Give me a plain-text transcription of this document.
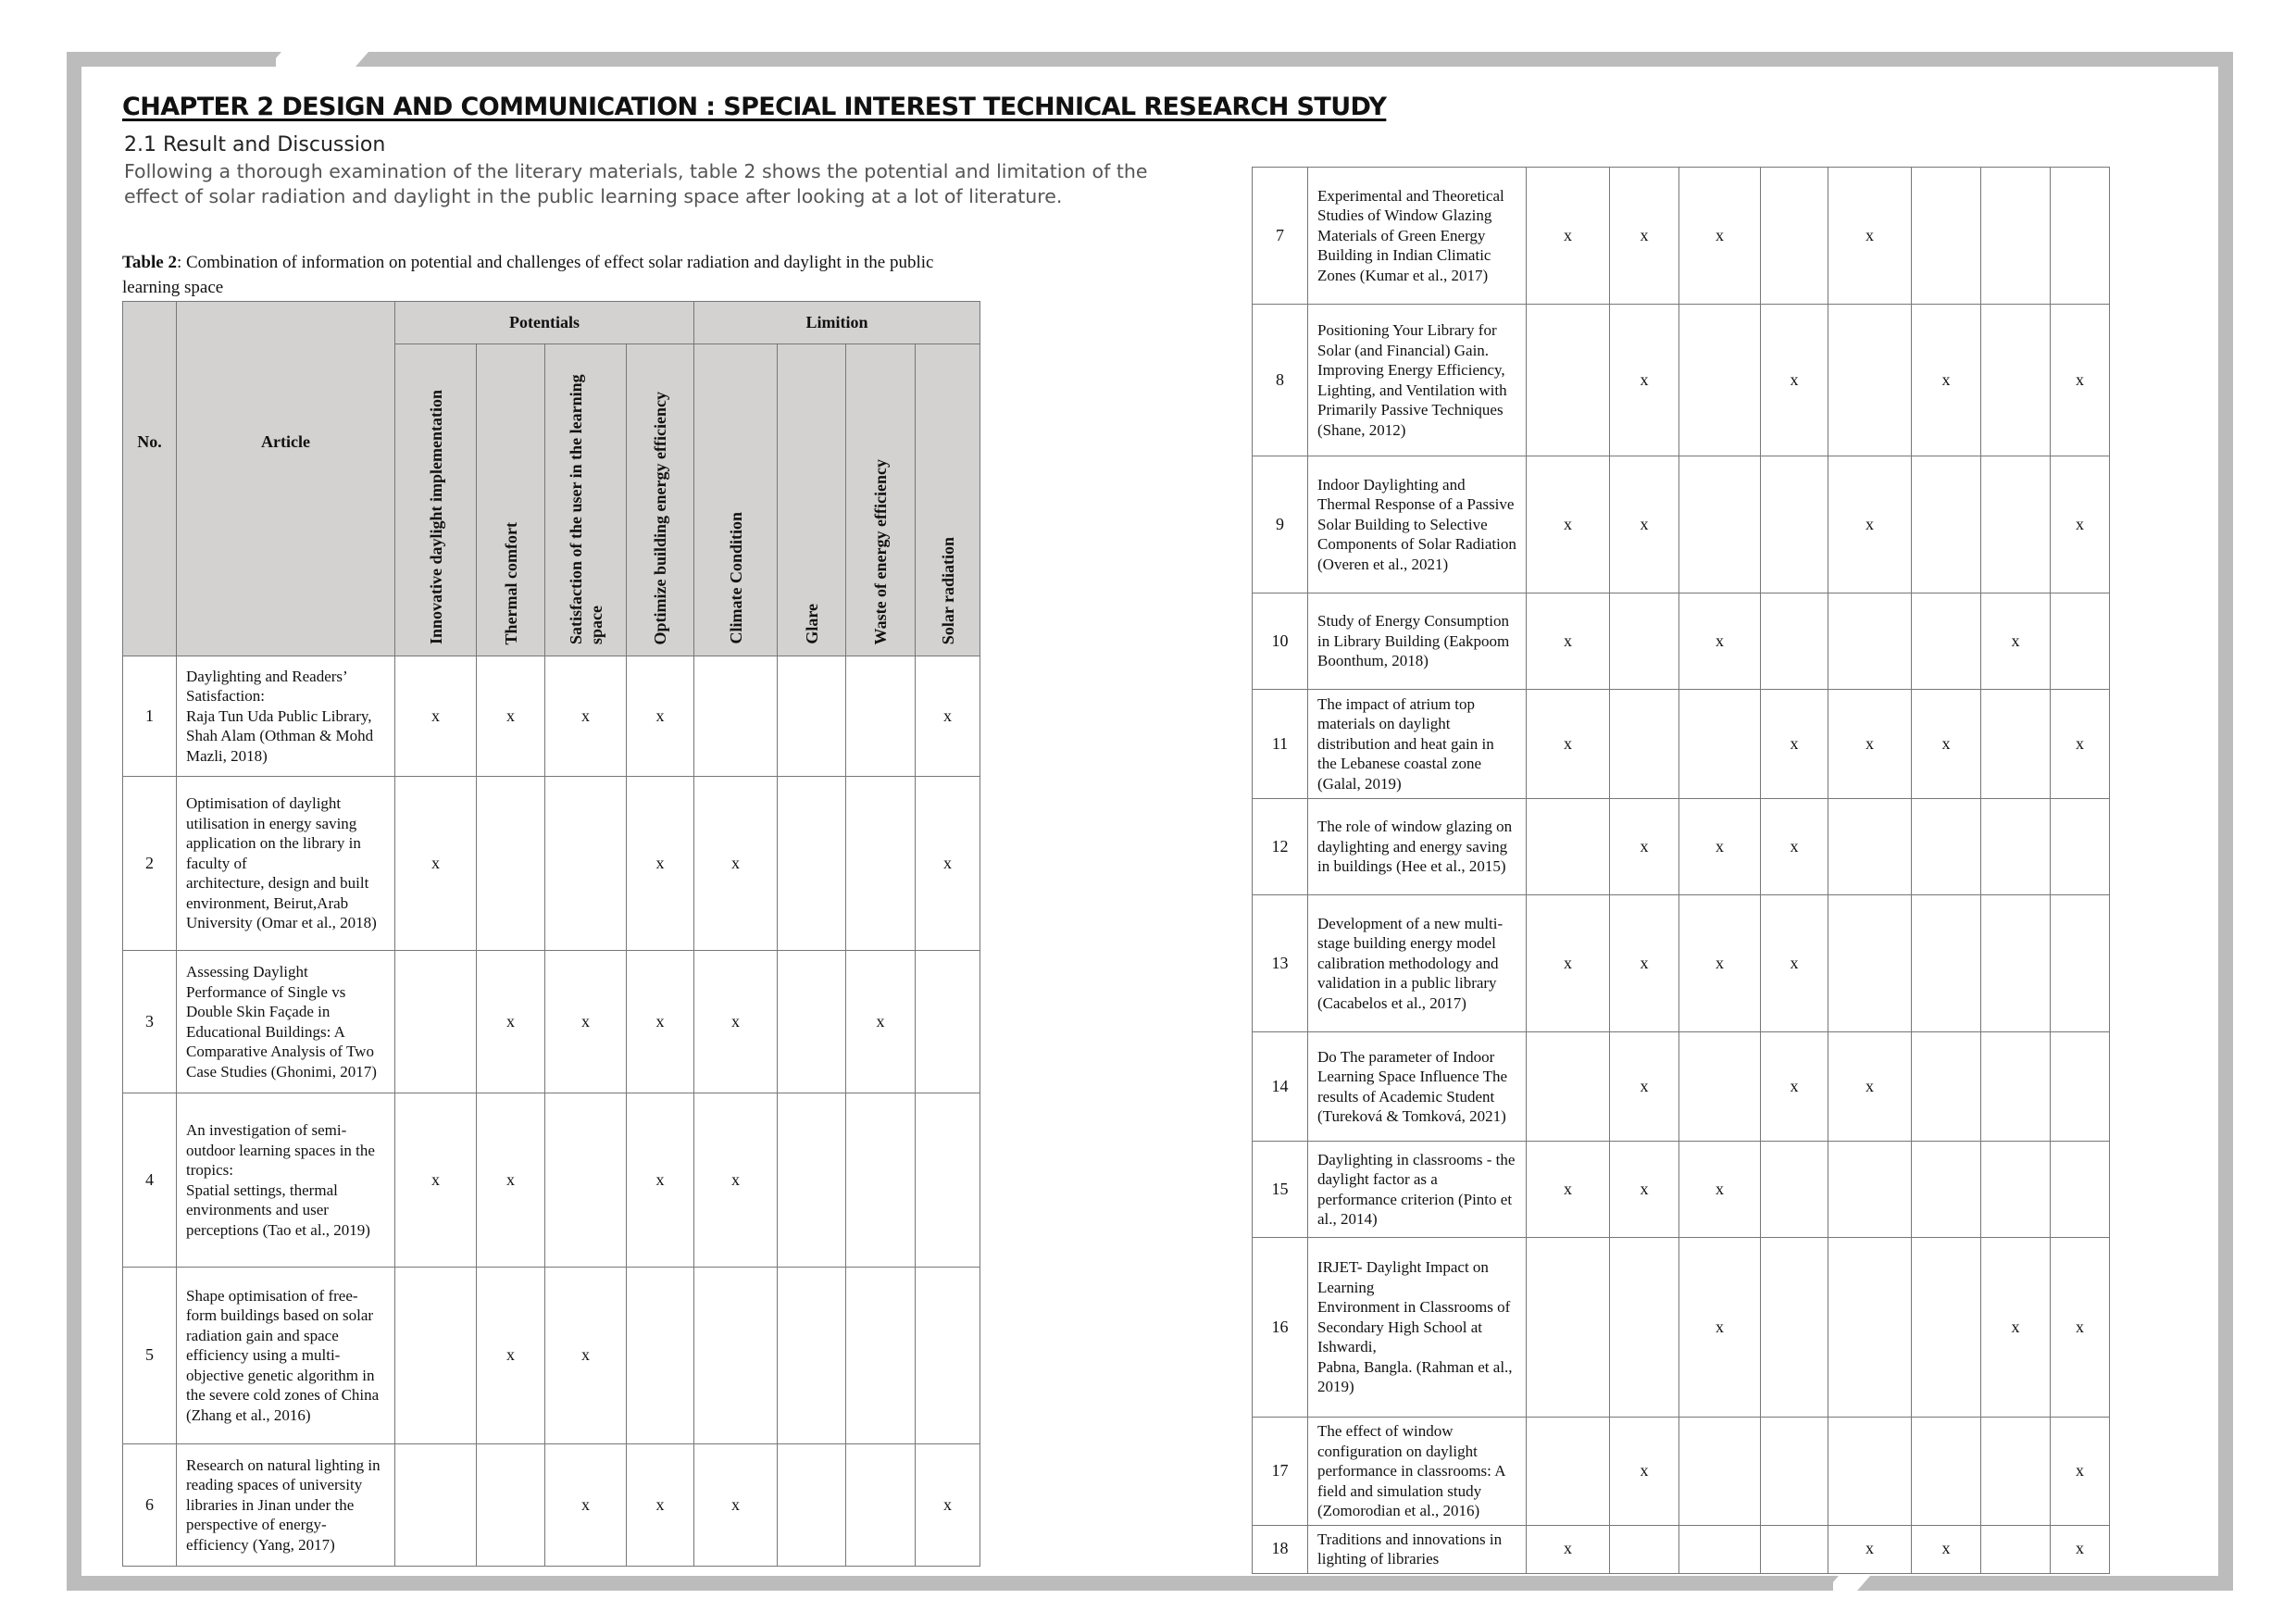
CHAPTER 2 DESIGN AND COMMUNICATION : SPECIAL INTEREST TECHNICAL RESEARCH STUDY
2.1 Result and Discussion
Following a thorough examination of the literary materials, table 2 shows the potential and limitation of the effect of solar radiation and daylight in the public learning space after looking at a lot of literature.
Table 2: Combination of information on potential and challenges of effect solar radiation and daylight in the public learning space
No.	Article	Potentials				Limition			

		Innovative daylight implementation	Thermal comfort	Satisfaction of the user in the learning space	Optimize building energy efficiency	Climate Condition	Glare	Waste of energy efficiency	Solar radiation

1	Daylighting and Readers’ Satisfaction:
Raja Tun Uda Public Library, Shah Alam (Othman & Mohd Mazli, 2018)	x	x	x	x				x
2	Optimisation of daylight utilisation in energy saving application on the library in faculty of
architecture, design and built environment, Beirut,Arab University (Omar et al., 2018)	x			x	x			x
3	Assessing Daylight Performance of Single vs Double Skin Façade in Educational Buildings: A Comparative Analysis of Two Case Studies (Ghonimi, 2017)		x	x	x	x		x	
4	An investigation of semi-outdoor learning spaces in the tropics:
Spatial settings, thermal environments and user perceptions (Tao et al., 2019)	x	x		x	x			
5	Shape optimisation of free-form buildings based on solar radiation gain and space efficiency using a multi-objective genetic algorithm in the severe cold zones of China (Zhang et al., 2016)		x	x					
6	Research on natural lighting in reading spaces of university
libraries in Jinan under the perspective of energy-efficiency (Yang, 2017)			x	x	x			x
7	Experimental and Theoretical Studies of Window Glazing Materials of Green Energy Building in Indian Climatic Zones (Kumar et al., 2017)	x	x	x		x			
8	Positioning Your Library for Solar (and Financial) Gain. Improving Energy Efficiency, Lighting, and Ventilation with Primarily Passive Techniques (Shane, 2012)		x		x		x		x
9	Indoor Daylighting and Thermal Response of a Passive Solar Building to Selective Components of Solar Radiation (Overen et al., 2021)	x	x			x			x
10	Study of Energy Consumption in Library Building (Eakpoom Boonthum, 2018)	x		x				x	
11	The impact of atrium top materials on daylight distribution and heat gain in the Lebanese coastal zone (Galal, 2019)	x			x	x	x		x
12	The role of window glazing on daylighting and energy saving in buildings (Hee et al., 2015)		x	x	x				
13	Development of a new multi-stage building energy model calibration methodology and validation in a public library (Cacabelos et al., 2017)	x	x	x	x				
14	Do The parameter of Indoor Learning Space Influence The results of Academic Student (Tureková & Tomková, 2021)		x		x	x			
15	Daylighting in classrooms - the daylight factor as a performance criterion (Pinto et al., 2014)	x	x	x					
16	IRJET- Daylight Impact on Learning
Environment in Classrooms of
Secondary High School at Ishwardi,
Pabna, Bangla. (Rahman et al., 2019)			x				x	x
17	The effect of window configuration on daylight performance in classrooms: A field and simulation study (Zomorodian et al., 2016)		x						x
18	Traditions and innovations in lighting of libraries	x				x	x		x
